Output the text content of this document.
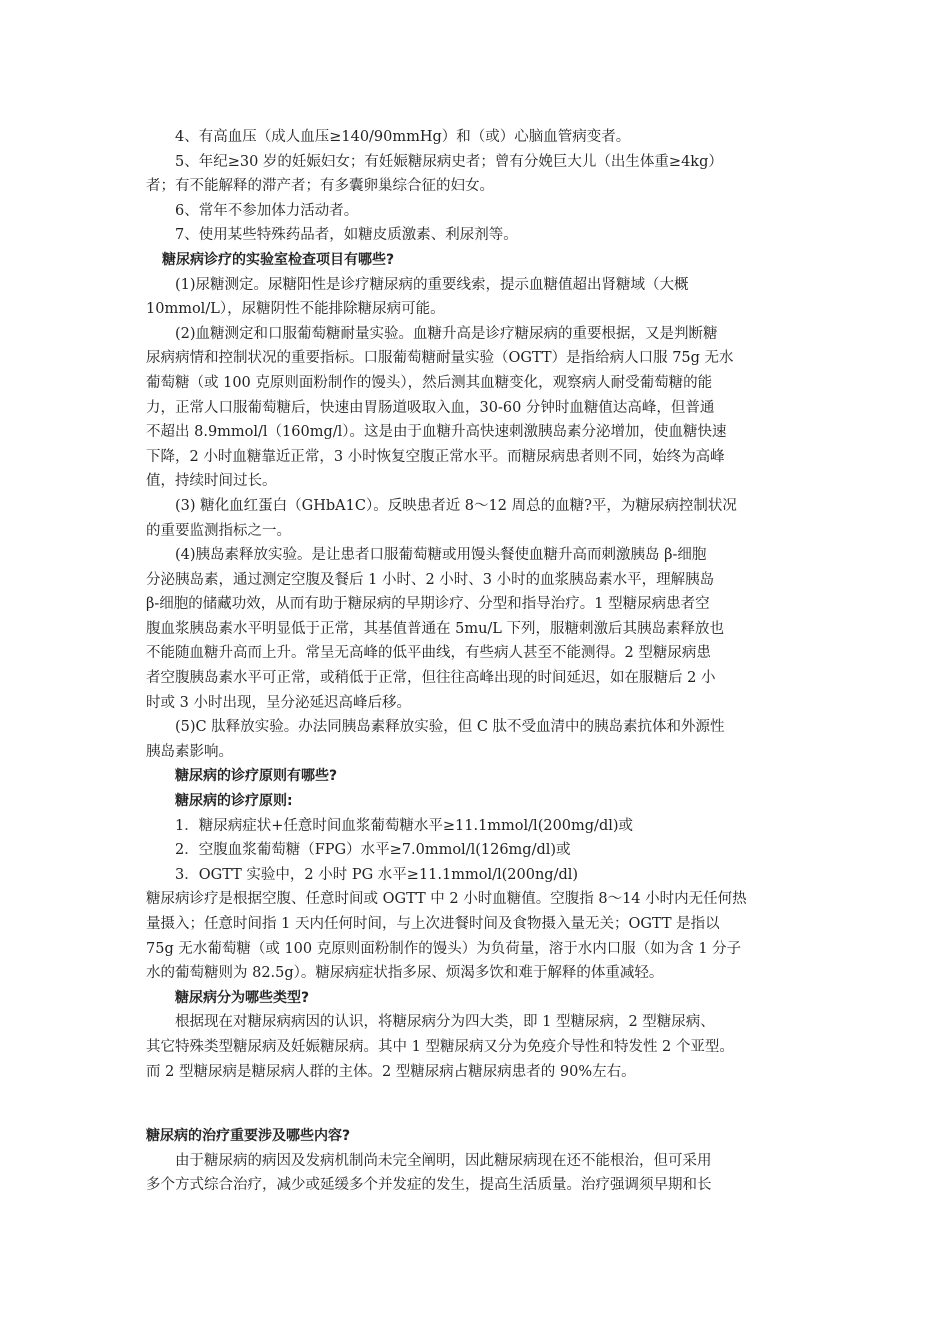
4、有高血压（成人血压≥140/90mmHg）和（或）心脑血管病变者。
5、年纪≥30 岁的妊娠妇女；有妊娠糖尿病史者；曾有分娩巨大儿（出生体重≥4kg）
者；有不能解释的滞产者；有多囊卵巢综合征的妇女。
6、常年不参加体力活动者。
7、使用某些特殊药品者，如糖皮质激素、利尿剂等。
糖尿病诊疗的实验室检查项目有哪些?
(1)尿糖测定。尿糖阳性是诊疗糖尿病的重要线索，提示血糖值超出肾糖域（大概
10mmol/L），尿糖阴性不能排除糖尿病可能。
(2)血糖测定和口服葡萄糖耐量实验。血糖升高是诊疗糖尿病的重要根据，又是判断糖
尿病病情和控制状况的重要指标。口服葡萄糖耐量实验（OGTT）是指给病人口服 75g 无水
葡萄糖（或 100 克原则面粉制作的馒头），然后测其血糖变化，观察病人耐受葡萄糖的能
力，正常人口服葡萄糖后，快速由胃肠道吸取入血，30-60 分钟时血糖值达高峰，但普通
不超出 8.9mmol/l（160mg/l）。这是由于血糖升高快速刺激胰岛素分泌增加，使血糖快速
下降，2 小时血糖靠近正常，3 小时恢复空腹正常水平。而糖尿病患者则不同，始终为高峰
值，持续时间过长。
(3) 糖化血红蛋白（GHbA1C）。反映患者近 8～12 周总的血糖?平，为糖尿病控制状况
的重要监测指标之一。
(4)胰岛素释放实验。是让患者口服葡萄糖或用馒头餐使血糖升高而刺激胰岛 β-细胞
分泌胰岛素，通过测定空腹及餐后 1 小时、2 小时、3 小时的血浆胰岛素水平，理解胰岛
β-细胞的储藏功效，从而有助于糖尿病的早期诊疗、分型和指导治疗。1 型糖尿病患者空
腹血浆胰岛素水平明显低于正常，其基值普通在 5mu/L 下列，服糖刺激后其胰岛素释放也
不能随血糖升高而上升。常呈无高峰的低平曲线，有些病人甚至不能测得。2 型糖尿病患
者空腹胰岛素水平可正常，或稍低于正常，但往往高峰出现的时间延迟，如在服糖后 2 小
时或 3 小时出现，呈分泌延迟高峰后移。
(5)C 肽释放实验。办法同胰岛素释放实验，但 C 肽不受血清中的胰岛素抗体和外源性
胰岛素影响。
糖尿病的诊疗原则有哪些?
糖尿病的诊疗原则:
1．糖尿病症状+任意时间血浆葡萄糖水平≥11.1mmol/l(200mg/dl)或
2．空腹血浆葡萄糖（FPG）水平≥7.0mmol/l(126mg/dl)或
3．OGTT 实验中，2 小时 PG 水平≥11.1mmol/l(200ng/dl)
糖尿病诊疗是根据空腹、任意时间或 OGTT 中 2 小时血糖值。空腹指 8～14 小时内无任何热
量摄入；任意时间指 1 天内任何时间，与上次进餐时间及食物摄入量无关；OGTT 是指以
75g 无水葡萄糖（或 100 克原则面粉制作的馒头）为负荷量，溶于水内口服（如为含 1 分子
水的葡萄糖则为 82.5g）。糖尿病症状指多尿、烦渴多饮和难于解释的体重减轻。
糖尿病分为哪些类型?
根据现在对糖尿病病因的认识，将糖尿病分为四大类，即 1 型糖尿病，2 型糖尿病、
其它特殊类型糖尿病及妊娠糖尿病。其中 1 型糖尿病又分为免疫介导性和特发性 2 个亚型。
而 2 型糖尿病是糖尿病人群的主体。2 型糖尿病占糖尿病患者的 90%左右。
糖尿病的治疗重要涉及哪些内容?
由于糖尿病的病因及发病机制尚未完全阐明，因此糖尿病现在还不能根治，但可采用
多个方式综合治疗，减少或延缓多个并发症的发生，提高生活质量。治疗强调须早期和长
